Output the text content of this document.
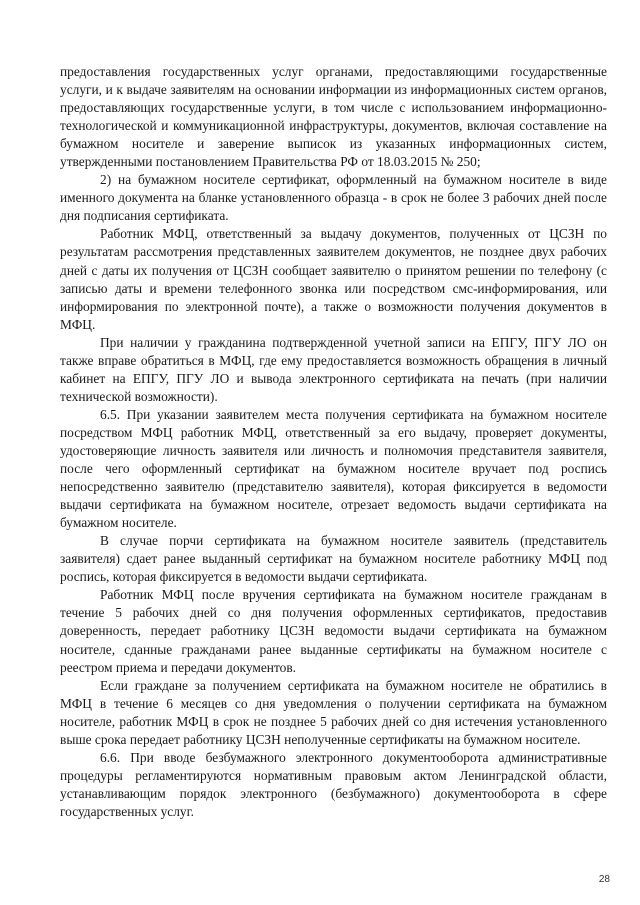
предоставления государственных услуг органами, предоставляющими государственные услуги, и к выдаче заявителям на основании информации из информационных систем органов, предоставляющих государственные услуги, в том числе с использованием информационно-технологической и коммуникационной инфраструктуры, документов, включая составление на бумажном носителе и заверение выписок из указанных информационных систем, утвержденными постановлением Правительства РФ от 18.03.2015 № 250;

2) на бумажном носителе сертификат, оформленный на бумажном носителе в виде именного документа на бланке установленного образца - в срок не более 3 рабочих дней после дня подписания сертификата.

Работник МФЦ, ответственный за выдачу документов, полученных от ЦСЗН по результатам рассмотрения представленных заявителем документов, не позднее двух рабочих дней с даты их получения от ЦСЗН сообщает заявителю о принятом решении по телефону (с записью даты и времени телефонного звонка или посредством смс-информирования, или информирования по электронной почте), а также о возможности получения документов в МФЦ.

При наличии у гражданина подтвержденной учетной записи на ЕПГУ, ПГУ ЛО он также вправе обратиться в МФЦ, где ему предоставляется возможность обращения в личный кабинет на ЕПГУ, ПГУ ЛО и вывода электронного сертификата на печать (при наличии технической возможности).

6.5. При указании заявителем места получения сертификата на бумажном носителе посредством МФЦ работник МФЦ, ответственный за его выдачу, проверяет документы, удостоверяющие личность заявителя или личность и полномочия представителя заявителя, после чего оформленный сертификат на бумажном носителе вручает под роспись непосредственно заявителю (представителю заявителя), которая фиксируется в ведомости выдачи сертификата на бумажном носителе, отрезает ведомость выдачи сертификата на бумажном носителе.

В случае порчи сертификата на бумажном носителе заявитель (представитель заявителя) сдает ранее выданный сертификат на бумажном носителе работнику МФЦ под роспись, которая фиксируется в ведомости выдачи сертификата.

Работник МФЦ после вручения сертификата на бумажном носителе гражданам в течение 5 рабочих дней со дня получения оформленных сертификатов, предоставив доверенность, передает работнику ЦСЗН ведомости выдачи сертификата на бумажном носителе, сданные гражданами ранее выданные сертификаты на бумажном носителе с реестром приема и передачи документов.

Если граждане за получением сертификата на бумажном носителе не обратились в МФЦ в течение 6 месяцев со дня уведомления о получении сертификата на бумажном носителе, работник МФЦ в срок не позднее 5 рабочих дней со дня истечения установленного выше срока передает работнику ЦСЗН неполученные сертификаты на бумажном носителе.

6.6. При вводе безбумажного электронного документооборота административные процедуры регламентируются нормативным правовым актом Ленинградской области, устанавливающим порядок электронного (безбумажного) документооборота в сфере государственных услуг.

28
